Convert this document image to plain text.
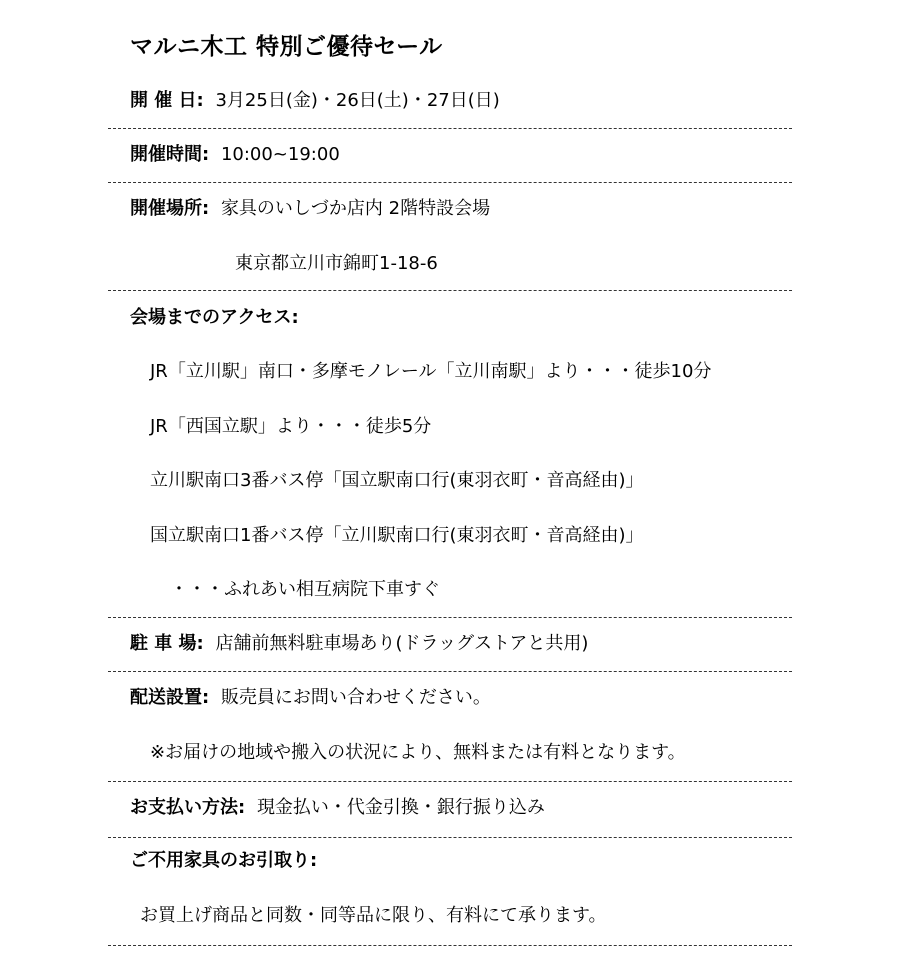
マルニ木工 特別ご優待セール
開 催 日: 3月25日(金)・26日(土)・27日(日)
開催時間: 10:00~19:00
開催場所: 家具のいしづか店内 2階特設会場
東京都立川市錦町1-18-6
会場までのアクセス:
JR「立川駅」南口・多摩モノレール「立川南駅」より・・・徒歩10分
JR「西国立駅」より・・・徒歩5分
立川駅南口3番バス停「国立駅南口行(東羽衣町・音高経由)」
国立駅南口1番バス停「立川駅南口行(東羽衣町・音高経由)」
・・・ふれあい相互病院下車すぐ
駐 車 場: 店舗前無料駐車場あり(ドラッグストアと共用)
配送設置: 販売員にお問い合わせください。
※お届けの地域や搬入の状況により、無料または有料となります。
お支払い方法: 現金払い・代金引換・銀行振り込み
ご不用家具のお引取り:
お買上げ商品と同数・同等品に限り、有料にて承ります。
